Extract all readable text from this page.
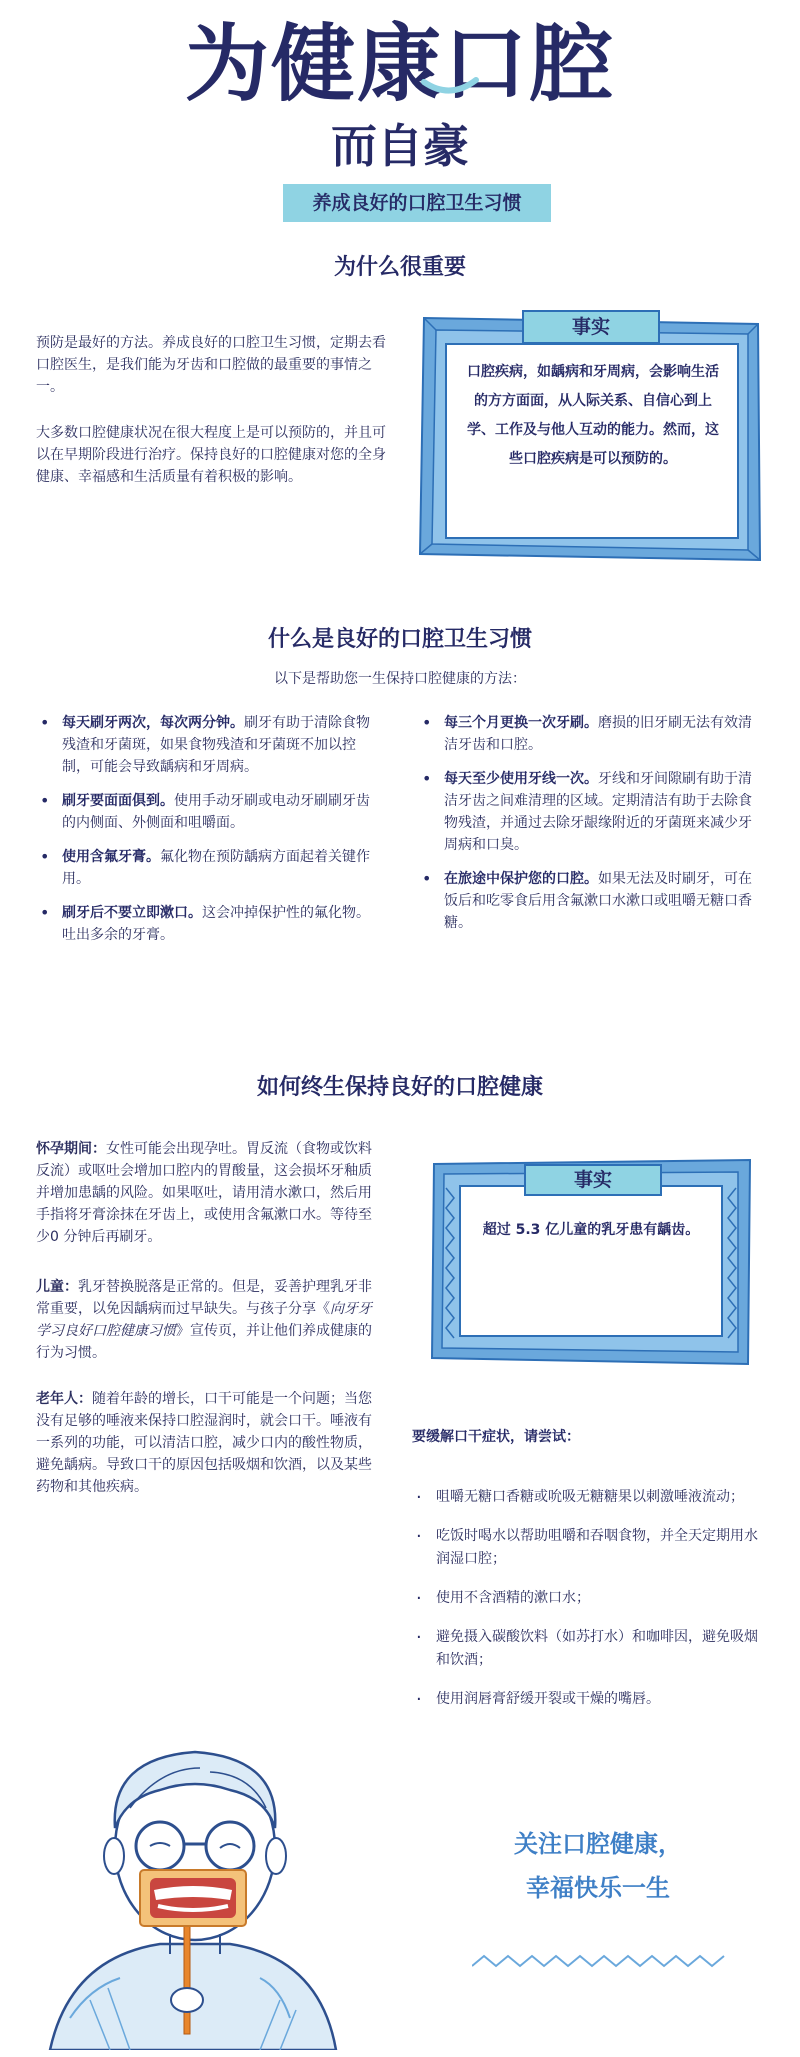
为健康口腔
而自豪
养成良好的口腔卫生习惯
为什么很重要
预防是最好的方法。养成良好的口腔卫生习惯，定期去看口腔医生，是我们能为牙齿和口腔做的最重要的事情之一。
大多数口腔健康状况在很大程度上是可以预防的，并且可以在早期阶段进行治疗。保持良好的口腔健康对您的全身健康、幸福感和生活质量有着积极的影响。
事实
口腔疾病，如龋病和牙周病，会影响生活的方方面面，从人际关系、自信心到上学、工作及与他人互动的能力。然而，这些口腔疾病是可以预防的。
什么是良好的口腔卫生习惯
以下是帮助您一生保持口腔健康的方法：
• 每天刷牙两次，每次两分钟。刷牙有助于清除食物残渣和牙菌斑，如果食物残渣和牙菌斑不加以控制，可能会导致龋病和牙周病。
• 刷牙要面面俱到。使用手动牙刷或电动牙刷刷牙齿的内侧面、外侧面和咀嚼面。
• 使用含氟牙膏。氟化物在预防龋病方面起着关键作用。
• 刷牙后不要立即漱口。这会冲掉保护性的氟化物。吐出多余的牙膏。
• 每三个月更换一次牙刷。磨损的旧牙刷无法有效清洁牙齿和口腔。
• 每天至少使用牙线一次。牙线和牙间隙刷有助于清洁牙齿之间难清理的区域。定期清洁有助于去除食物残渣，并通过去除牙龈缘附近的牙菌斑来减少牙周病和口臭。
• 在旅途中保护您的口腔。如果无法及时刷牙，可在饭后和吃零食后用含氟漱口水漱口或咀嚼无糖口香糖。
如何终生保持良好的口腔健康
怀孕期间：女性可能会出现孕吐。胃反流（食物或饮料反流）或呕吐会增加口腔内的胃酸量，这会损坏牙釉质并增加患龋的风险。如果呕吐，请用清水漱口，然后用手指将牙膏涂抹在牙齿上，或使用含氟漱口水。等待至少0 分钟后再刷牙。
儿童：乳牙替换脱落是正常的。但是，妥善护理乳牙非常重要，以免因龋病而过早缺失。与孩子分享《向牙牙学习良好口腔健康习惯》宣传页，并让他们养成健康的行为习惯。
老年人：随着年龄的增长，口干可能是一个问题；当您没有足够的唾液来保持口腔湿润时，就会口干。唾液有一系列的功能，可以清洁口腔，减少口内的酸性物质，避免龋病。导致口干的原因包括吸烟和饮酒，以及某些药物和其他疾病。
事实
超过 5.3 亿儿童的乳牙患有龋齿。
要缓解口干症状，请尝试：
· 咀嚼无糖口香糖或吮吸无糖糖果以刺激唾液流动；
· 吃饭时喝水以帮助咀嚼和吞咽食物，并全天定期用水润湿口腔；
· 使用不含酒精的漱口水；
· 避免摄入碳酸饮料（如苏打水）和咖啡因，避免吸烟和饮酒；
· 使用润唇膏舒缓开裂或干燥的嘴唇。
关注口腔健康，
幸福快乐一生
